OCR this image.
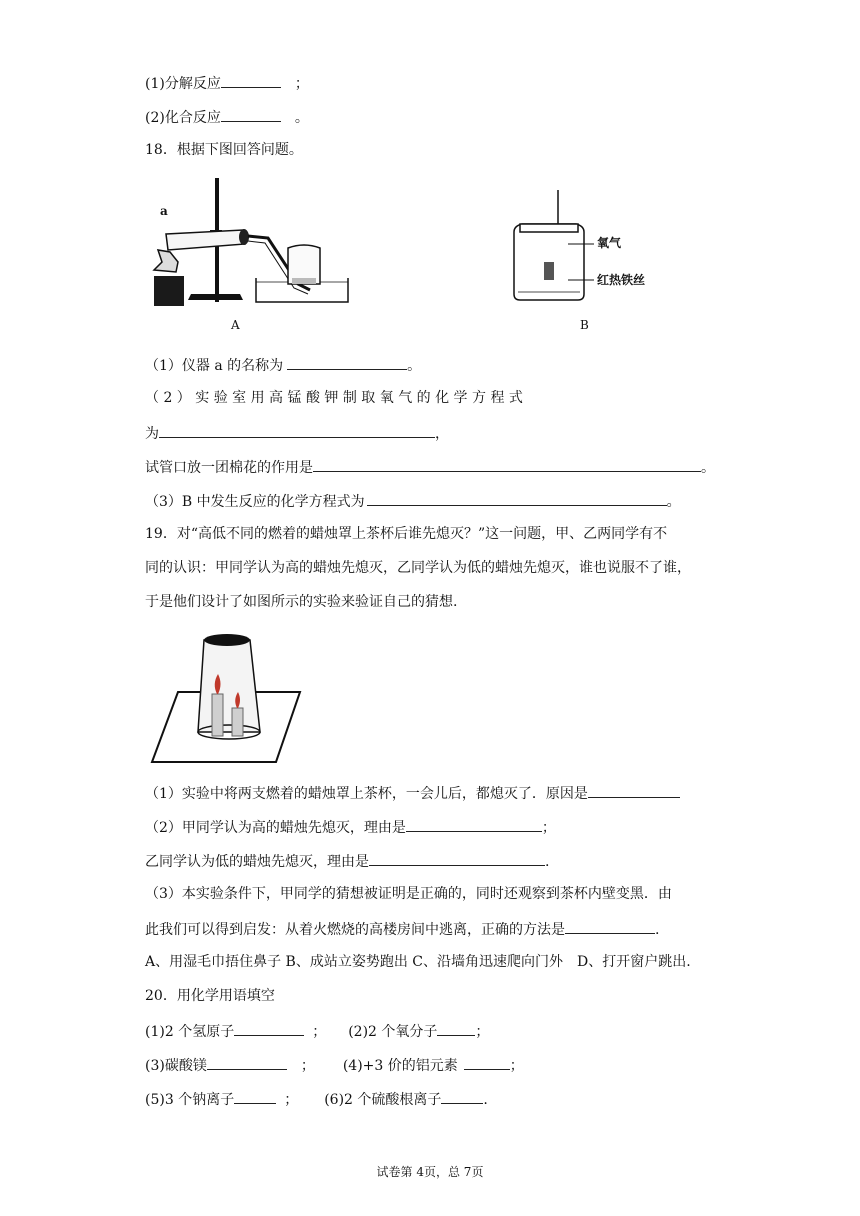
(1)分解反应	；
(2)化合反应	。
18．根据下图回答问题。
a
A	B
氧气
红热铁丝
（1）仪器 a 的名称为	。
（ 2 ） 实 验 室 用 高 锰 酸 钾 制 取 氧 气 的 化 学 方 程 式
为	，
试管口放一团棉花的作用是	。
（3）B 中发生反应的化学方程式为	。
19．对“高低不同的燃着的蜡烛罩上茶杯后谁先熄灭？”这一问题，甲、乙两同学有不
同的认识：甲同学认为高的蜡烛先熄灭，乙同学认为低的蜡烛先熄灭，谁也说服不了谁，
于是他们设计了如图所示的实验来验证自己的猜想.
（1）实验中将两支燃着的蜡烛罩上茶杯，一会儿后，都熄灭了．原因是
（2）甲同学认为高的蜡烛先熄灭，理由是	；
乙同学认为低的蜡烛先熄灭，理由是	.
（3）本实验条件下，甲同学的猜想被证明是正确的，同时还观察到茶杯内壁变黑．由
此我们可以得到启发：从着火燃烧的高楼房间中逃离，正确的方法是	.
A、用湿毛巾捂住鼻子 B、成站立姿势跑出 C、沿墙角迅速爬向门外　D、打开窗户跳出.
20．用化学用语填空
(1)2 个氢原子	； (2)2 个氧分子	；
(3)碳酸镁	； (4)+3 价的铝元素	；
(5)3 个钠离子	； (6)2 个硫酸根离子	.
试卷第 4页，总 7页
